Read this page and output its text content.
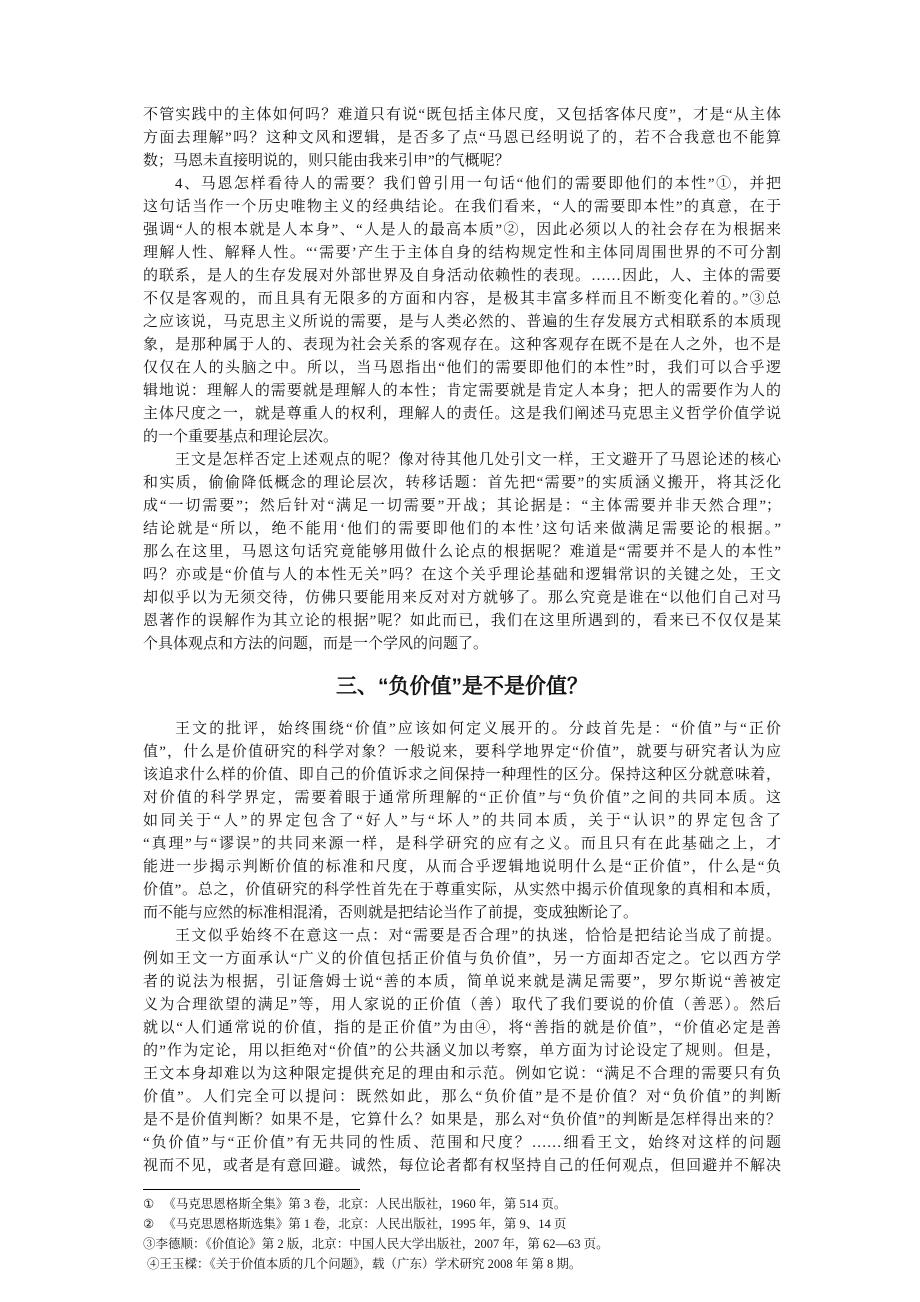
不管实践中的主体如何吗？难道只有说“既包括主体尺度，又包括客体尺度”，才是“从主体
方面去理解”吗？这种文风和逻辑，是否多了点“马恩已经明说了的，若不合我意也不能算
数；马恩未直接明说的，则只能由我来引申”的气概呢？
4、马恩怎样看待人的需要？我们曾引用一句话“他们的需要即他们的本性”①，并把
这句话当作一个历史唯物主义的经典结论。在我们看来，“人的需要即本性”的真意，在于
强调“人的根本就是人本身”、“人是人的最高本质”②，因此必须以人的社会存在为根据来
理解人性、解释人性。“‘需要’产生于主体自身的结构规定性和主体同周围世界的不可分割
的联系，是人的生存发展对外部世界及自身活动依赖性的表现。……因此，人、主体的需要
不仅是客观的，而且具有无限多的方面和内容，是极其丰富多样而且不断变化着的。”③总
之应该说，马克思主义所说的需要，是与人类必然的、普遍的生存发展方式相联系的本质现
象，是那种属于人的、表现为社会关系的客观存在。这种客观存在既不是在人之外，也不是
仅仅在人的头脑之中。所以，当马恩指出“他们的需要即他们的本性”时，我们可以合乎逻
辑地说：理解人的需要就是理解人的本性；肯定需要就是肯定人本身；把人的需要作为人的
主体尺度之一，就是尊重人的权利，理解人的责任。这是我们阐述马克思主义哲学价值学说
的一个重要基点和理论层次。
王文是怎样否定上述观点的呢？像对待其他几处引文一样，王文避开了马恩论述的核心
和实质，偷偷降低概念的理论层次，转移话题：首先把“需要”的实质涵义搬开，将其泛化
成“一切需要”；然后针对“满足一切需要”开战；其论据是：“主体需要并非天然合理”；
结论就是“所以，绝不能用‘他们的需要即他们的本性’这句话来做满足需要论的根据。”
那么在这里，马恩这句话究竟能够用做什么论点的根据呢？难道是“需要并不是人的本性”
吗？亦或是“价值与人的本性无关”吗？在这个关乎理论基础和逻辑常识的关键之处，王文
却似乎以为无须交待，仿佛只要能用来反对对方就够了。那么究竟是谁在“以他们自己对马
恩著作的误解作为其立论的根据”呢？如此而已，我们在这里所遇到的，看来已不仅仅是某
个具体观点和方法的问题，而是一个学风的问题了。
三、“负价值”是不是价值？
王文的批评，始终围绕“价值”应该如何定义展开的。分歧首先是：“价值”与“正价
值”，什么是价值研究的科学对象？一般说来，要科学地界定“价值”，就要与研究者认为应
该追求什么样的价值、即自己的价值诉求之间保持一种理性的区分。保持这种区分就意味着，
对价值的科学界定，需要着眼于通常所理解的“正价值”与“负价值”之间的共同本质。这
如同关于“人”的界定包含了“好人”与“坏人”的共同本质，关于“认识”的界定包含了
“真理”与“谬误”的共同来源一样，是科学研究的应有之义。而且只有在此基础之上，才
能进一步揭示判断价值的标准和尺度，从而合乎逻辑地说明什么是“正价值”，什么是“负
价值”。总之，价值研究的科学性首先在于尊重实际，从实然中揭示价值现象的真相和本质，
而不能与应然的标准相混淆，否则就是把结论当作了前提，变成独断论了。
王文似乎始终不在意这一点：对“需要是否合理”的执迷，恰恰是把结论当成了前提。
例如王文一方面承认“广义的价值包括正价值与负价值”，另一方面却否定之。它以西方学
者的说法为根据，引证詹姆士说“善的本质，简单说来就是满足需要”，罗尔斯说“善被定
义为合理欲望的满足”等，用人家说的正价值（善）取代了我们要说的价值（善恶）。然后
就以“人们通常说的价值，指的是正价值”为由④，将“善指的就是价值”，“价值必定是善
的”作为定论，用以拒绝对“价值”的公共涵义加以考察，单方面为讨论设定了规则。但是，
王文本身却难以为这种限定提供充足的理由和示范。例如它说：“满足不合理的需要只有负
价值”。人们完全可以提问：既然如此，那么“负价值”是不是价值？对“负价值”的判断
是不是价值判断？如果不是，它算什么？如果是，那么对“负价值”的判断是怎样得出来的？
“负价值”与“正价值”有无共同的性质、范围和尺度？……细看王文，始终对这样的问题
视而不见，或者是有意回避。诚然，每位论者都有权坚持自己的任何观点，但回避并不解决
① 《马克思恩格斯全集》第 3 卷，北京：人民出版社，1960 年，第 514 页。
② 《马克思恩格斯选集》第 1 卷，北京：人民出版社，1995 年，第 9、14 页
③李德顺：《价值论》第 2 版，北京：中国人民大学出版社，2007 年，第 62—63 页。
④王玉樑：《关于价值本质的几个问题》，载（广东）学术研究 2008 年 第 8 期。
